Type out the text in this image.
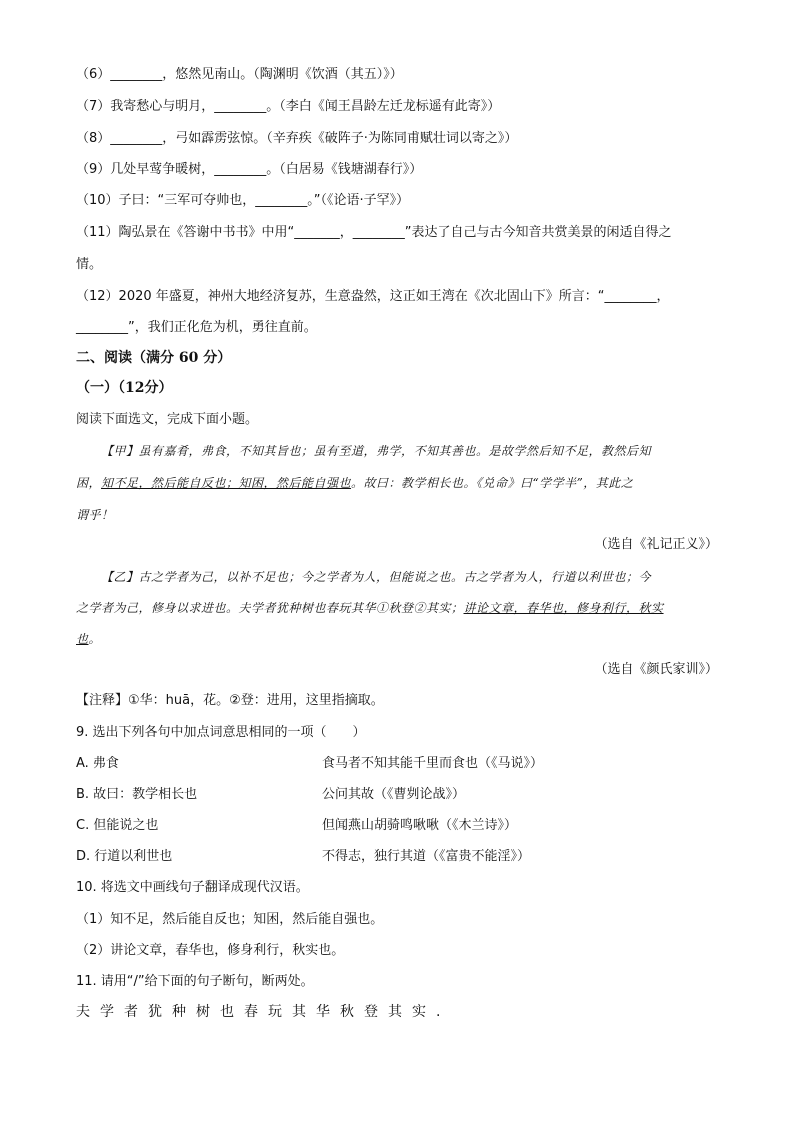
（6）________，悠然见南山。（陶渊明《饮酒（其五）》）
（7）我寄愁心与明月，________。（李白《闻王昌龄左迁龙标遥有此寄》）
（8）________，弓如霹雳弦惊。（辛弃疾《破阵子·为陈同甫赋壮词以寄之》）
（9）几处早莺争暖树，________。（白居易《钱塘湖春行》）
（10）子曰：“三军可夺帅也，________。”（《论语·子罕》）
（11）陶弘景在《答谢中书书》中用“_______，________”表达了自己与古今知音共赏美景的闲适自得之
情。
（12）2020 年盛夏，神州大地经济复苏，生意盎然，这正如王湾在《次北固山下》所言：“________，
________”，我们正化危为机，勇往直前。
二、阅读（满分 60 分）
（一）（12分）
阅读下面选文，完成下面小题。
【甲】虽有嘉肴，弗食，不知其旨也；虽有至道，弗学，不知其善也。是故学然后知不足，教然后知
困，知不足，然后能自反也；知困，然后能自强也。故曰：教学相长也。《兑命》曰“学学半”，其此之
谓乎！
（选自《礼记正义》）
【乙】古之学者为己，以补不足也；今之学者为人，但能说之也。古之学者为人，行道以利世也；今
之学者为己，修身以求进也。夫学者犹种树也春玩其华①秋登②其实；讲论文章，春华也，修身利行，秋实
也。
（选自《颜氏家训》）
【注释】①华：huā，花。②登：进用，这里指摘取。
9. 选出下列各句中加点词意思相同的一项（　　）
A. 弗食	食马者不知其能千里而食也（《马说》）
B. 故曰：教学相长也	公问其故（《曹刿论战》）
C. 但能说之也	但闻燕山胡骑鸣啾啾（《木兰诗》）
D. 行道以利世也	不得志，独行其道（《富贵不能淫》）
10. 将选文中画线句子翻译成现代汉语。
（1）知不足，然后能自反也；知困，然后能自强也。
（2）讲论文章，春华也，修身利行，秋实也。
11. 请用“/”给下面的句子断句，断两处。
夫学者犹种树也春玩其华秋登其实.
